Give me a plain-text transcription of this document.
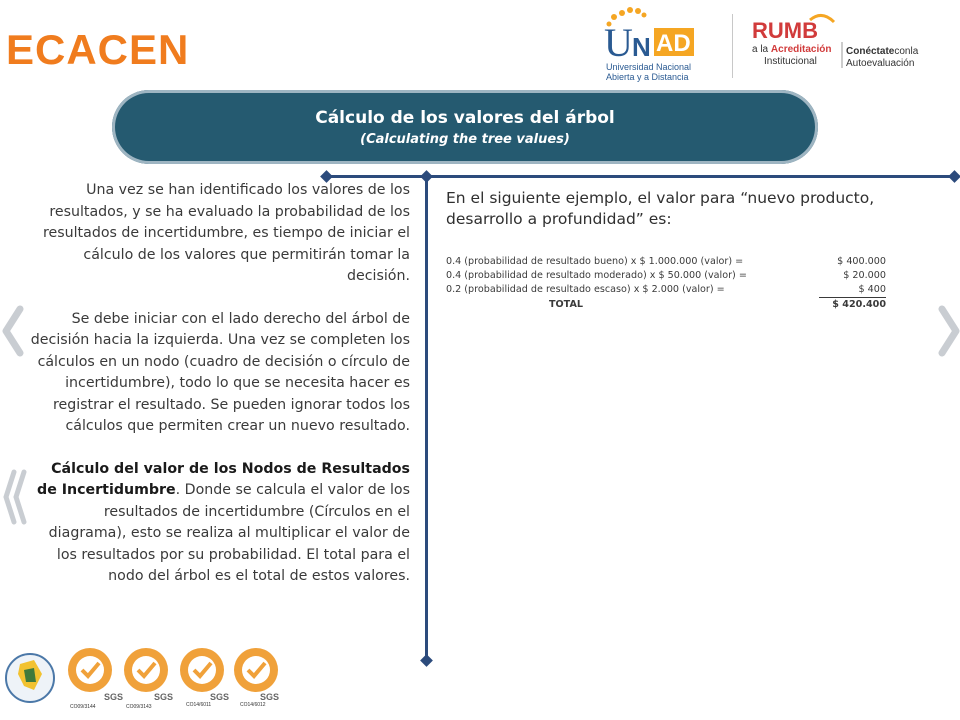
ECACEN	U N AD
Universidad Nacional
Abierta y a Distancia
RUMB
a la Acreditación
Institucional
Conéctateconla
Autoevaluación
Cálculo de los valores del árbol
(Calculating the tree values)

Una vez se han identificado los valores de los resultados, y se ha evaluado la probabilidad de los resultados de incertidumbre, es tiempo de iniciar el cálculo de los valores que permitirán tomar la decisión.

Se debe iniciar con el lado derecho del árbol de decisión hacia la izquierda. Una vez se completen los cálculos en un nodo (cuadro de decisión o círculo de incertidumbre), todo lo que se necesita hacer es registrar el resultado. Se pueden ignorar todos los cálculos que permiten crear un nuevo resultado.

Cálculo del valor de los Nodos de Resultados de Incertidumbre. Donde se calcula el valor de los resultados de incertidumbre (Círculos en el diagrama), esto se realiza al multiplicar el valor de los resultados por su probabilidad. El total para el nodo del árbol es el total de estos valores.

En el siguiente ejemplo, el valor para “nuevo producto, desarrollo a profundidad” es:
0.4 (probabilidad de resultado bueno) x $ 1.000.000 (valor) =	$ 400.000
0.4 (probabilidad de resultado moderado) x $ 50.000 (valor) =	$ 20.000
0.2 (probabilidad de resultado escaso) x $ 2.000 (valor) =	$ 400
TOTAL	$ 420.400
SGS
CO09/3144
SGS
CO09/3143
SGS
CO14/6011
SGS
CO14/6012
